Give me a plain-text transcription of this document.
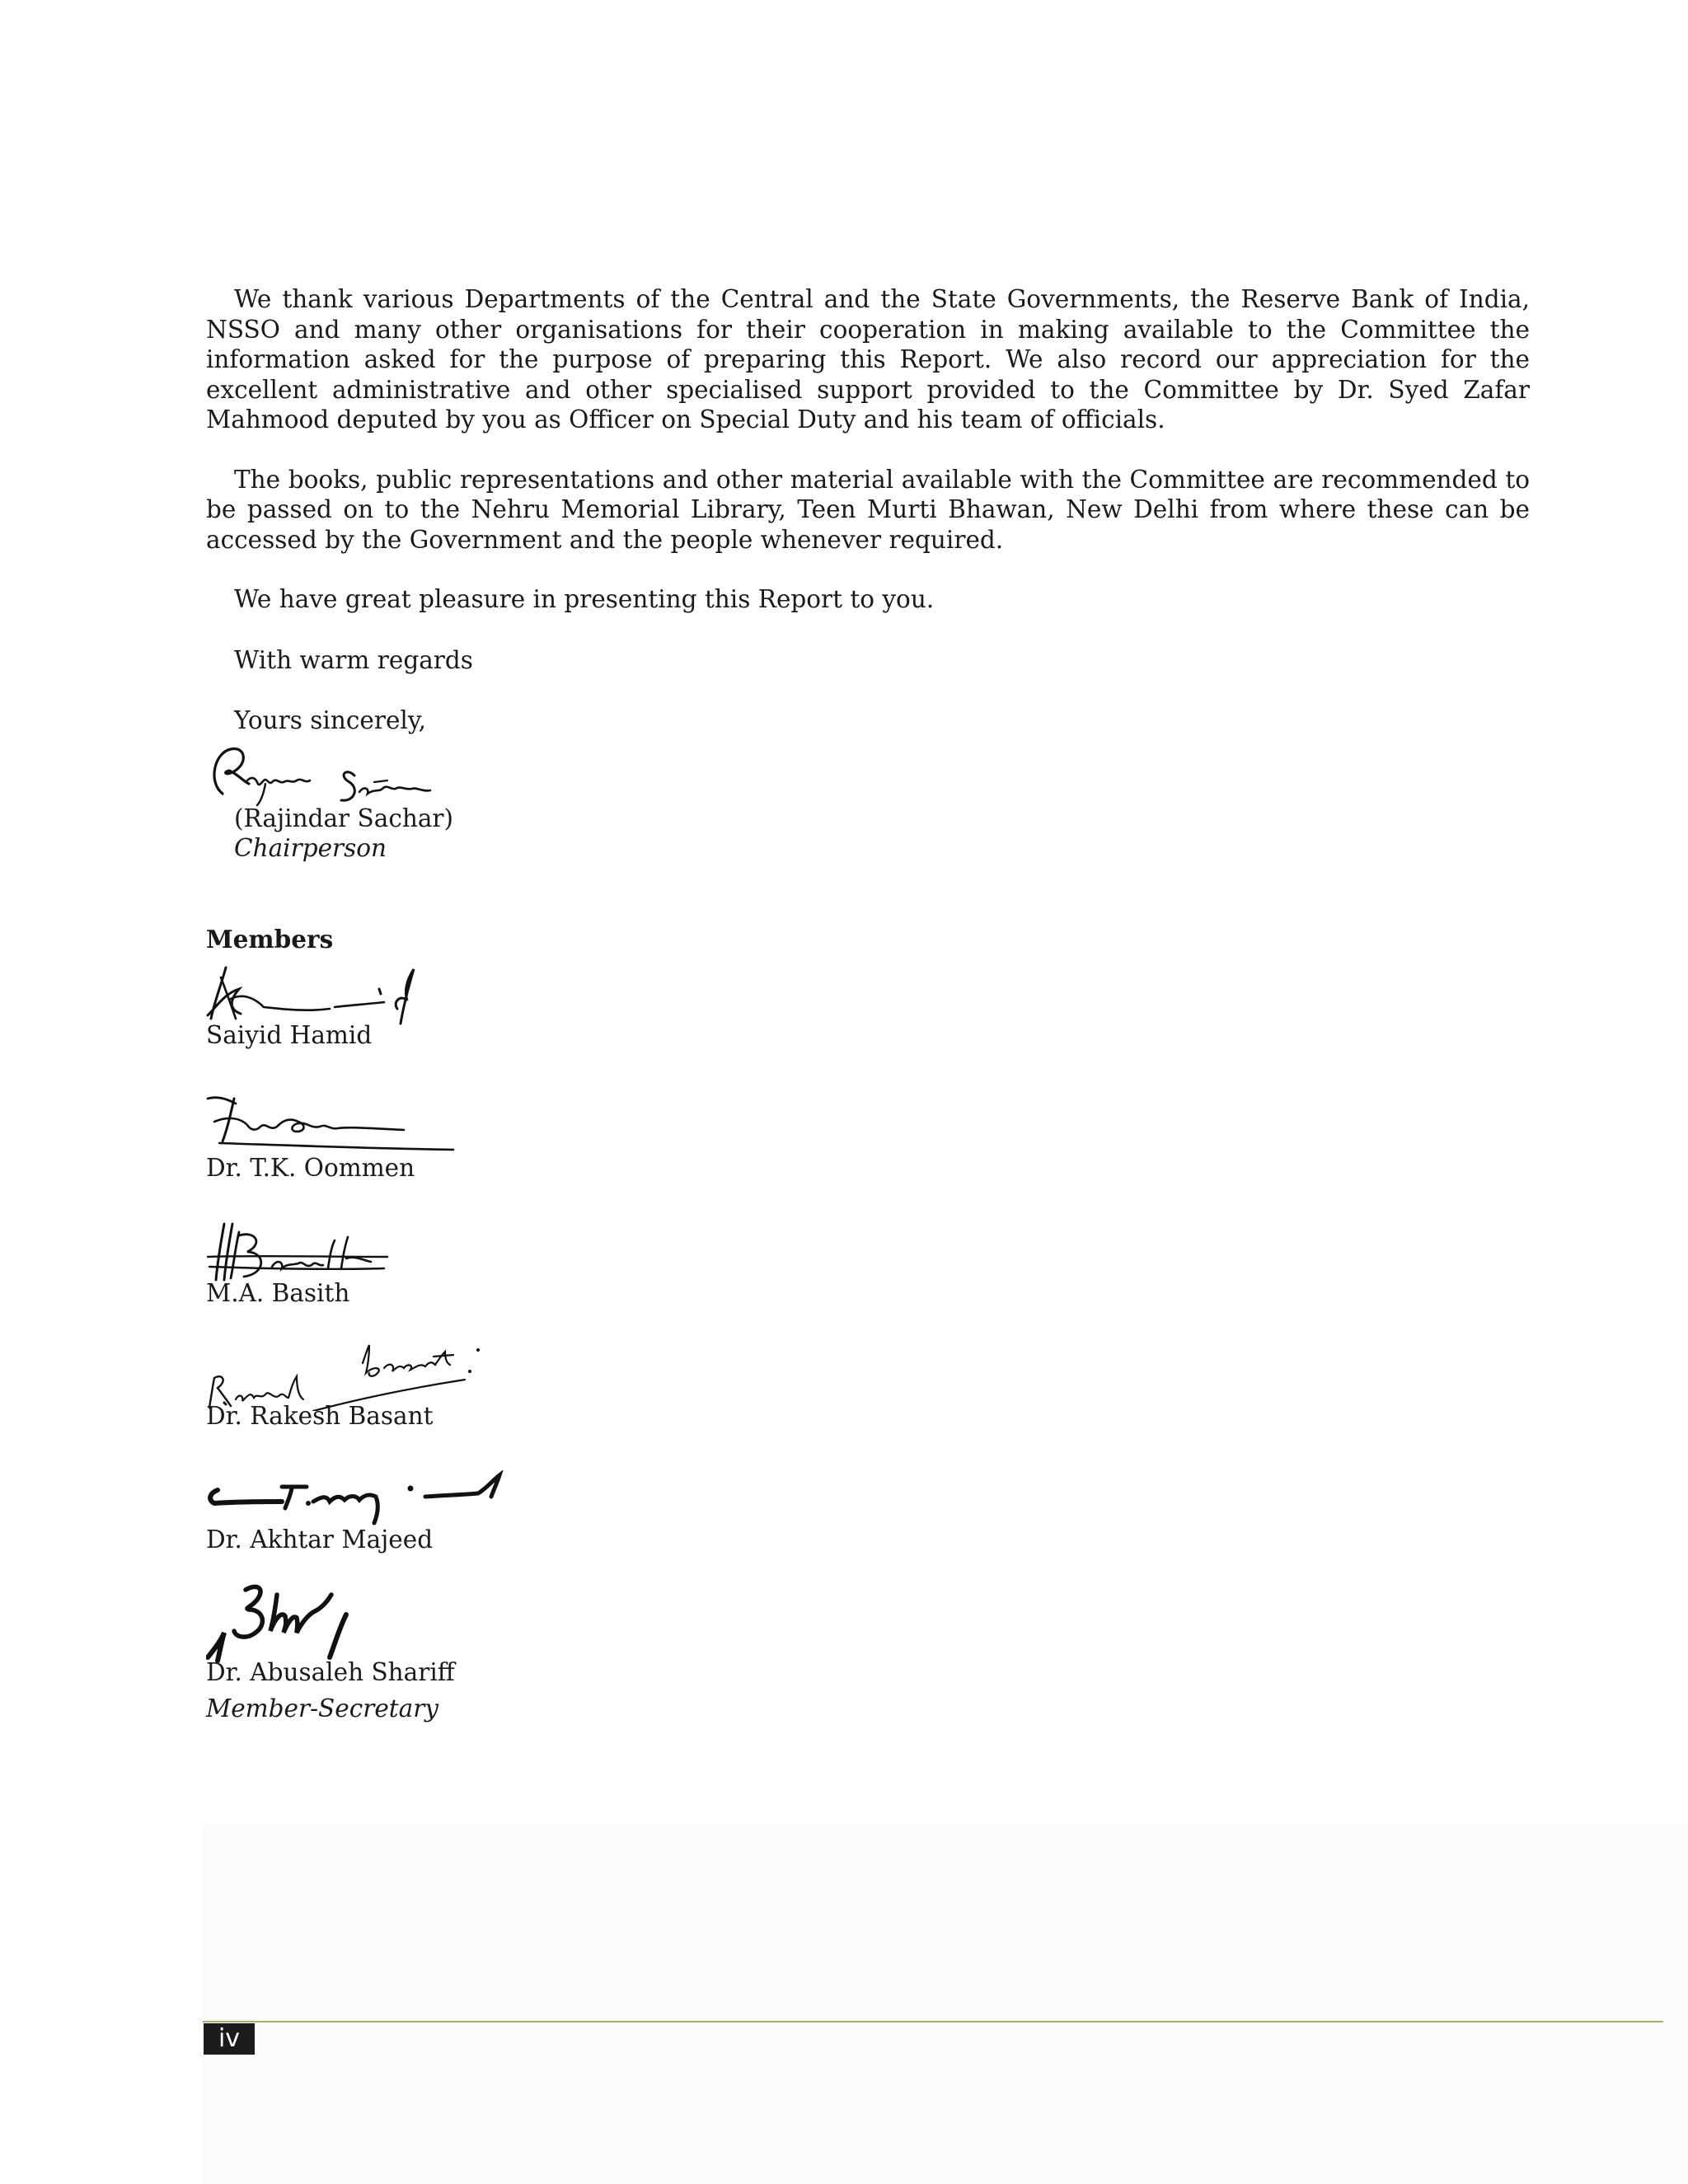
We thank various Departments of the Central and the State Governments, the Reserve Bank of India, NSSO and many other organisations for their cooperation in making available to the Committee the information asked for the purpose of preparing this Report. We also record our appreciation for the excellent administrative and other specialised support provided to the Committee by Dr. Syed Zafar Mahmood deputed by you as Officer on Special Duty and his team of officials.

The books, public representations and other material available with the Committee are recommended to be passed on to the Nehru Memorial Library, Teen Murti Bhawan, New Delhi from where these can be accessed by the Government and the people whenever required.

We have great pleasure in presenting this Report to you.

With warm regards

Yours sincerely,

(Rajindar Sachar)

Chairperson

Members

Saiyid Hamid

Dr. T.K. Oommen

M.A. Basith

Dr. Rakesh Basant

Dr. Akhtar Majeed

Dr. Abusaleh Shariff

Member-Secretary

iv
